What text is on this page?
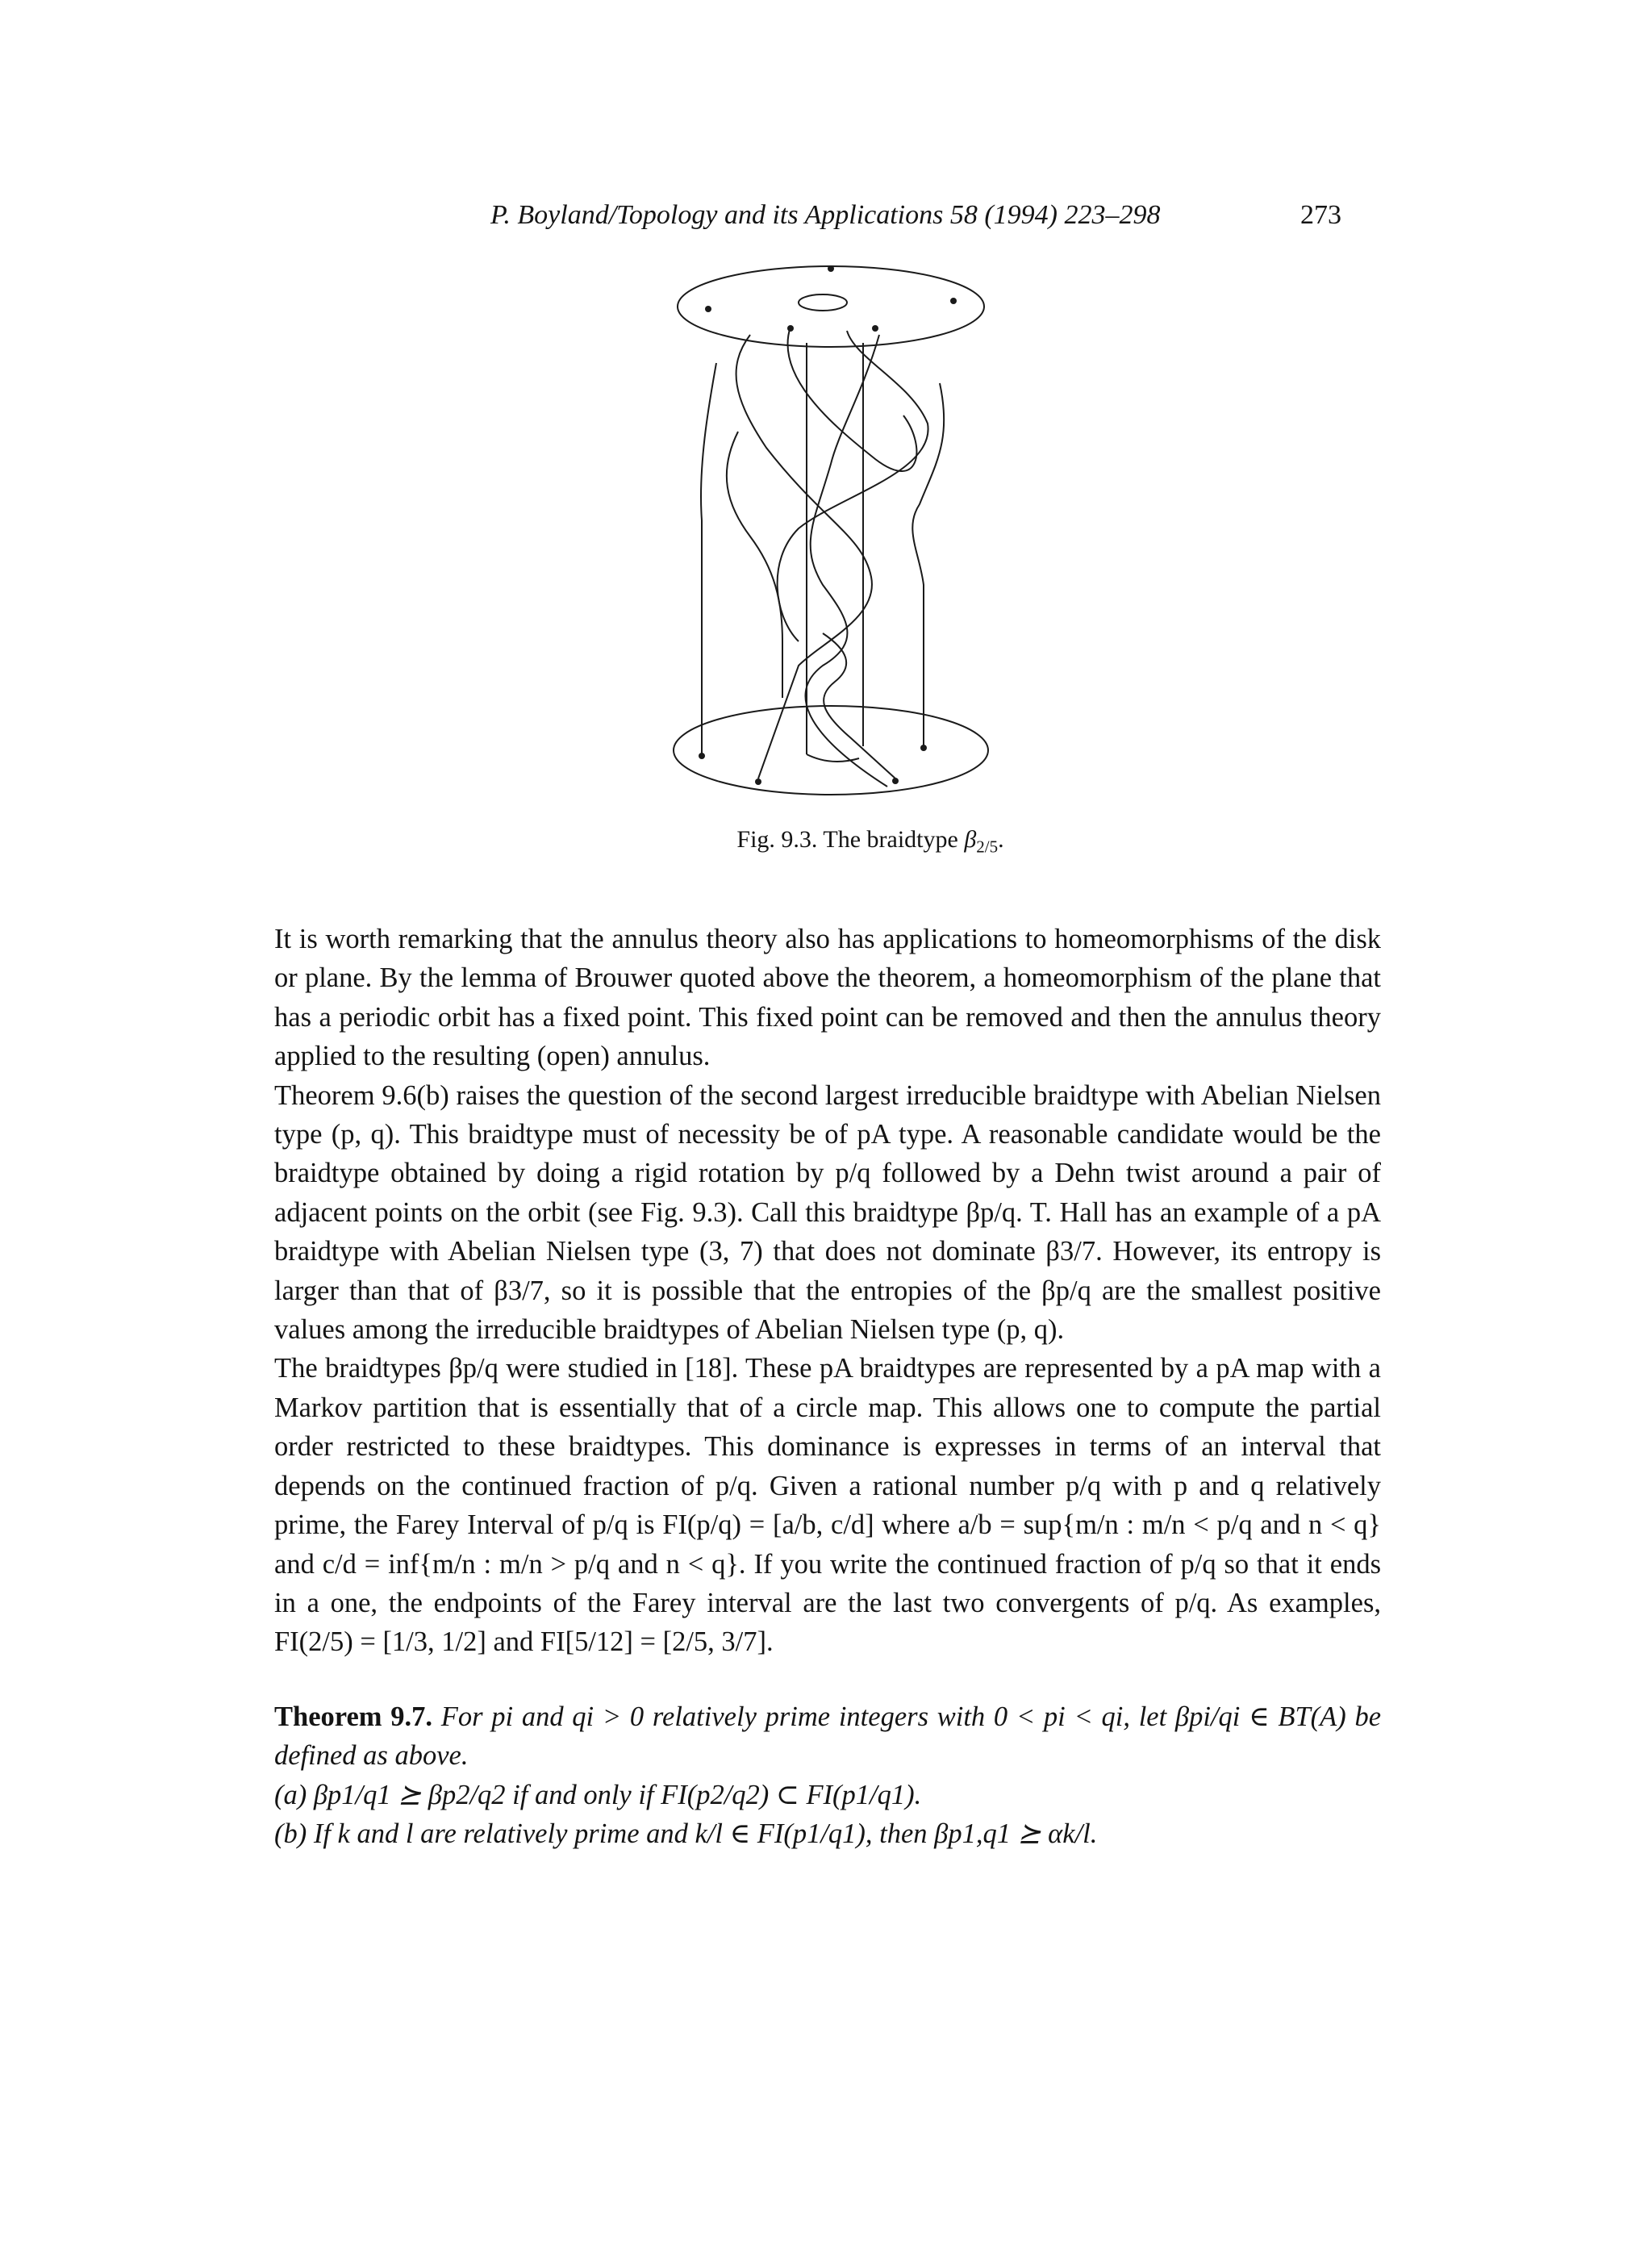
P. Boyland/Topology and its Applications 58 (1994) 223–298	273
Fig. 9.3. The braidtype $\beta_{2/5}$.

It is worth remarking that the annulus theory also has applications to homeomorphisms of the disk or plane. By the lemma of Brouwer quoted above the theorem, a homeomorphism of the plane that has a periodic orbit has a fixed point. This fixed point can be removed and then the annulus theory applied to the resulting (open) annulus.

Theorem 9.6(b) raises the question of the second largest irreducible braidtype with Abelian Nielsen type (p, q). This braidtype must of necessity be of pA type. A reasonable candidate would be the braidtype obtained by doing a rigid rotation by p/q followed by a Dehn twist around a pair of adjacent points on the orbit (see Fig. 9.3). Call this braidtype βp/q. T. Hall has an example of a pA braidtype with Abelian Nielsen type (3, 7) that does not dominate β3/7. However, its entropy is larger than that of β3/7, so it is possible that the entropies of the βp/q are the smallest positive values among the irreducible braidtypes of Abelian Nielsen type (p, q).

The braidtypes βp/q were studied in [18]. These pA braidtypes are represented by a pA map with a Markov partition that is essentially that of a circle map. This allows one to compute the partial order restricted to these braidtypes. This dominance is expresses in terms of an interval that depends on the continued fraction of p/q. Given a rational number p/q with p and q relatively prime, the Farey Interval of p/q is FI(p/q) = [a/b, c/d] where a/b = sup{m/n : m/n < p/q and n < q} and c/d = inf{m/n : m/n > p/q and n < q}. If you write the continued fraction of p/q so that it ends in a one, the endpoints of the Farey interval are the last two convergents of p/q. As examples, FI(2/5) = [1/3, 1/2] and FI[5/12] = [2/5, 3/7].

Theorem 9.7. For pi and qi > 0 relatively prime integers with 0 < pi < qi, let βpi/qi ∈ BT(A) be defined as above.

(a) βp1/q1 ⪰ βp2/q2 if and only if FI(p2/q2) ⊂ FI(p1/q1).

(b) If k and l are relatively prime and k/l ∈ FI(p1/q1), then βp1,q1 ⪰ αk/l.
